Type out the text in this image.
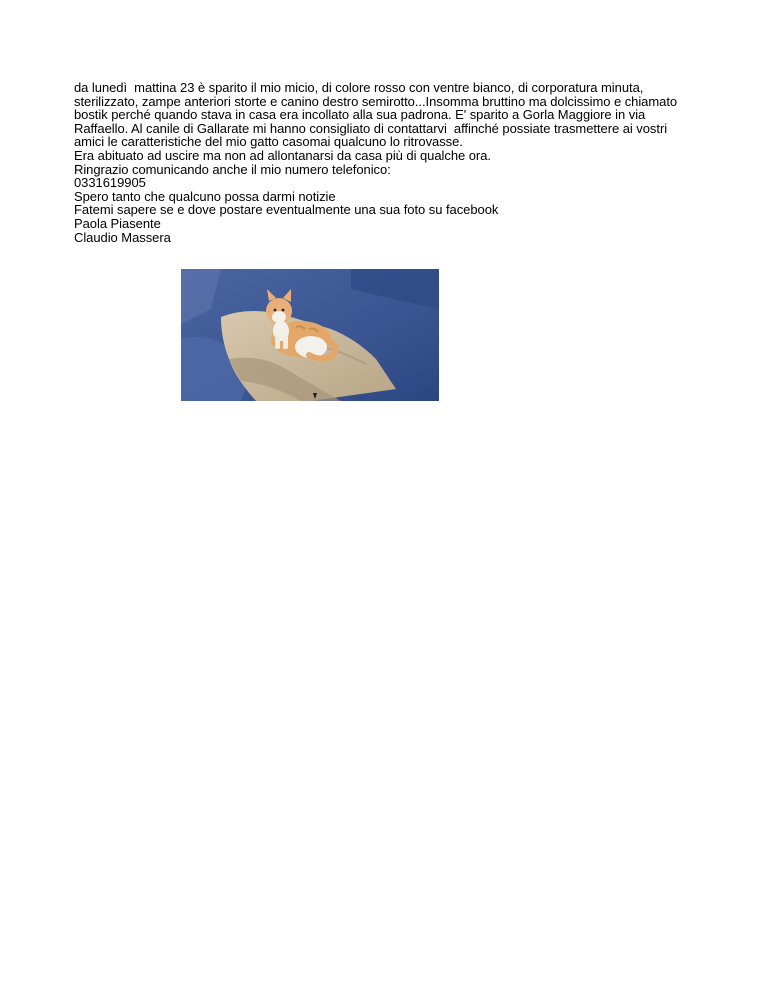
da lunedì  mattina 23 è sparito il mio micio, di colore rosso con ventre bianco, di corporatura minuta,
sterilizzato, zampe anteriori storte e canino destro semirotto...Insomma bruttino ma dolcissimo e chiamato
bostik perché quando stava in casa era incollato alla sua padrona. E' sparito a Gorla Maggiore in via
Raffaello. Al canile di Gallarate mi hanno consigliato di contattarvi  affinché possiate trasmettere ai vostri
amici le caratteristiche del mio gatto casomai qualcuno lo ritrovasse.
Era abituato ad uscire ma non ad allontanarsi da casa più di qualche ora.
Ringrazio comunicando anche il mio numero telefonico:
0331619905
Spero tanto che qualcuno possa darmi notizie
Fatemi sapere se e dove postare eventualmente una sua foto su facebook
Paola Piasente
Claudio Massera
